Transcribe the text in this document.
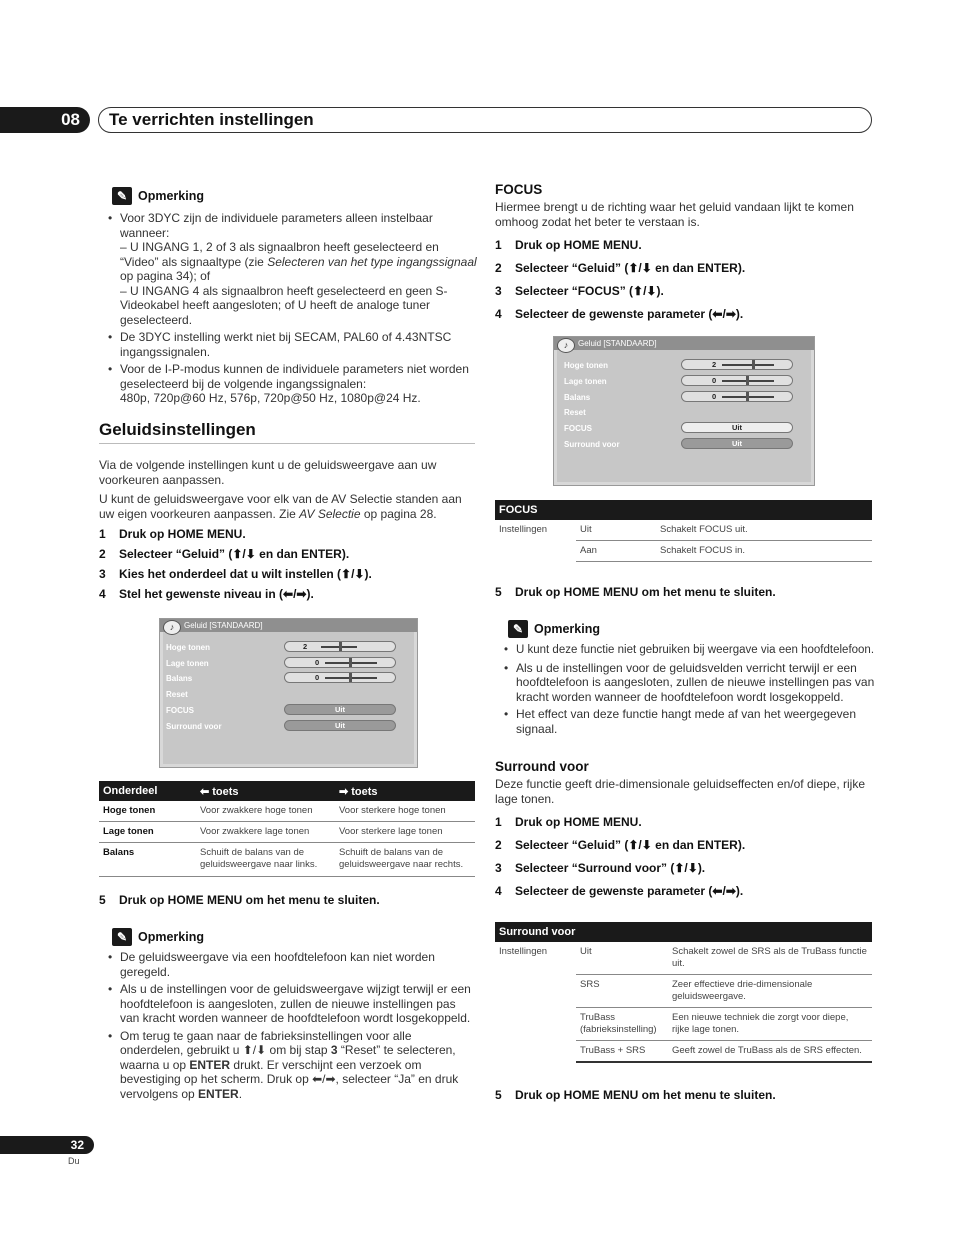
08	Te verrichten instellingen
✎ Opmerking
• Voor 3DYC zijn de individuele parameters alleen instelbaar wanneer:
– U INGANG 1, 2 of 3 als signaalbron heeft geselecteerd en “Video” als signaaltype (zie Selecteren van het type ingangssignaal op pagina 34); of
– U INGANG 4 als signaalbron heeft geselecteerd en geen S-Videokabel heeft aangesloten; of U heeft de analoge tuner geselecteerd.
• De 3DYC instelling werkt niet bij SECAM, PAL60 of 4.43NTSC ingangssignalen.
• Voor de I-P-modus kunnen de individuele parameters niet worden geselecteerd bij de volgende ingangssignalen:
480p, 720p@60 Hz, 576p, 720p@50 Hz, 1080p@24 Hz.
Geluidsinstellingen
Via de volgende instellingen kunt u de geluidsweergave aan uw voorkeuren aanpassen.
U kunt de geluidsweergave voor elk van de AV Selectie standen aan uw eigen voorkeuren aanpassen. Zie AV Selectie op pagina 28.
1	Druk op HOME MENU.
2	Selecteer “Geluid” (⬆/⬇ en dan ENTER).
3	Kies het onderdeel dat u wilt instellen (⬆/⬇).
4	Stel het gewenste niveau in (⬅/➡).
Geluid [STANDAARD]
♪
Hoge tonen	2
Lage tonen	0
Balans	0
Reset
FOCUS	Uit
Surround voor	Uit
Onderdeel	⬅ toets	➡ toets
Hoge tonen	Voor zwakkere hoge tonen	Voor sterkere hoge tonen
Lage tonen	Voor zwakkere lage tonen	Voor sterkere lage tonen
Balans	Schuift de balans van de geluidsweergave naar links.	Schuift de balans van de geluidsweergave naar rechts.
5	Druk op HOME MENU om het menu te sluiten.
✎ Opmerking
• De geluidsweergave via een hoofdtelefoon kan niet worden geregeld.
• Als u de instellingen voor de geluidsweergave wijzigt terwijl er een hoofdtelefoon is aangesloten, zullen de nieuwe instellingen pas van kracht worden wanneer de hoofdtelefoon wordt losgekoppeld.
• Om terug te gaan naar de fabrieksinstellingen voor alle onderdelen, gebruikt u ⬆/⬇ om bij stap 3 “Reset” te selecteren, waarna u op ENTER drukt. Er verschijnt een verzoek om bevestiging op het scherm. Druk op ⬅/➡, selecteer “Ja” en druk vervolgens op ENTER.
FOCUS
Hiermee brengt u de richting waar het geluid vandaan lijkt te komen omhoog zodat het beter te verstaan is.
1	Druk op HOME MENU.
2	Selecteer “Geluid” (⬆/⬇ en dan ENTER).
3	Selecteer “FOCUS” (⬆/⬇).
4	Selecteer de gewenste parameter (⬅/➡).
Geluid [STANDAARD]
♪
Hoge tonen	2
Lage tonen	0
Balans	0
Reset
FOCUS	Uit
Surround voor	Uit
FOCUS		
Instellingen	Uit	Schakelt FOCUS uit.
	Aan	Schakelt FOCUS in.
5	Druk op HOME MENU om het menu te sluiten.
✎ Opmerking
• U kunt deze functie niet gebruiken bij weergave via een hoofdtelefoon.
• Als u de instellingen voor de geluidsvelden verricht terwijl er een hoofdtelefoon is aangesloten, zullen de nieuwe instellingen pas van kracht worden wanneer de hoofdtelefoon wordt losgekoppeld.
• Het effect van deze functie hangt mede af van het weergegeven signaal.
Surround voor
Deze functie geeft drie-dimensionale geluidseffecten en/of diepe, rijke lage tonen.
1	Druk op HOME MENU.
2	Selecteer “Geluid” (⬆/⬇ en dan ENTER).
3	Selecteer “Surround voor” (⬆/⬇).
4	Selecteer de gewenste parameter (⬅/➡).
Surround voor		
Instellingen	Uit	Schakelt zowel de SRS als de TruBass functie uit.
	SRS	Zeer effectieve drie-dimensionale geluidsweergave.
	TruBass (fabrieksinstelling)	Een nieuwe techniek die zorgt voor diepe, rijke lage tonen.
	TruBass + SRS	Geeft zowel de TruBass als de SRS effecten.
5	Druk op HOME MENU om het menu te sluiten.
32
Du
